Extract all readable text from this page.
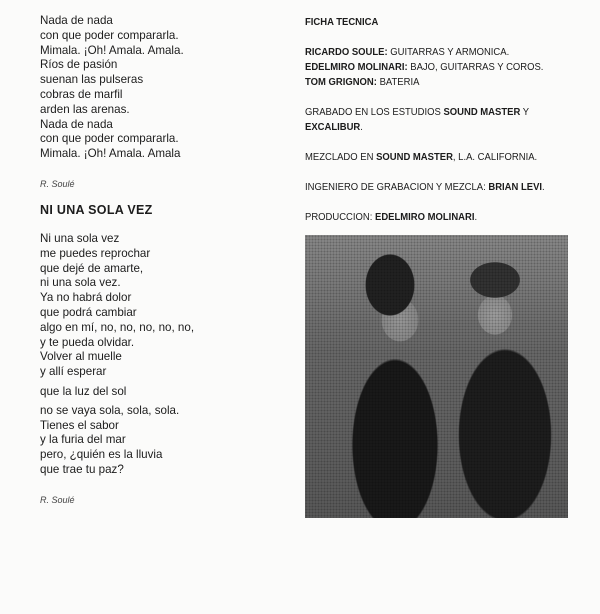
Nada de nada
con que poder compararla.
Mimala. ¡Oh! Amala. Amala.
Ríos de pasión
suenan las pulseras
cobras de marfil
arden las arenas.
Nada de nada
con que poder compararla.
Mimala. ¡Oh! Amala. Amala
R. Soulé
NI UNA SOLA VEZ
Ni una sola vez
me puedes reprochar
que dejé de amarte,
ni una sola vez.
Ya no habrá dolor
que podrá cambiar
algo en mí, no, no, no, no, no,
y te pueda olvidar.
Volver al muelle
y allí esperar
que la luz del sol
no se vaya sola, sola, sola.
Tienes el sabor
y la furia del mar
pero, ¿quién es la lluvia
que trae tu paz?
R. Soulé
FICHA TECNICA
RICARDO SOULE: GUITARRAS Y ARMONICA.
EDELMIRO MOLINARI: BAJO, GUITARRAS Y COROS.
TOM GRIGNON: BATERIA
GRABADO EN LOS ESTUDIOS SOUND MASTER Y
EXCALIBUR.
MEZCLADO EN SOUND MASTER, L.A. CALIFORNIA.
INGENIERO DE GRABACION Y MEZCLA: BRIAN LEVI.
PRODUCCION: EDELMIRO MOLINARI.
